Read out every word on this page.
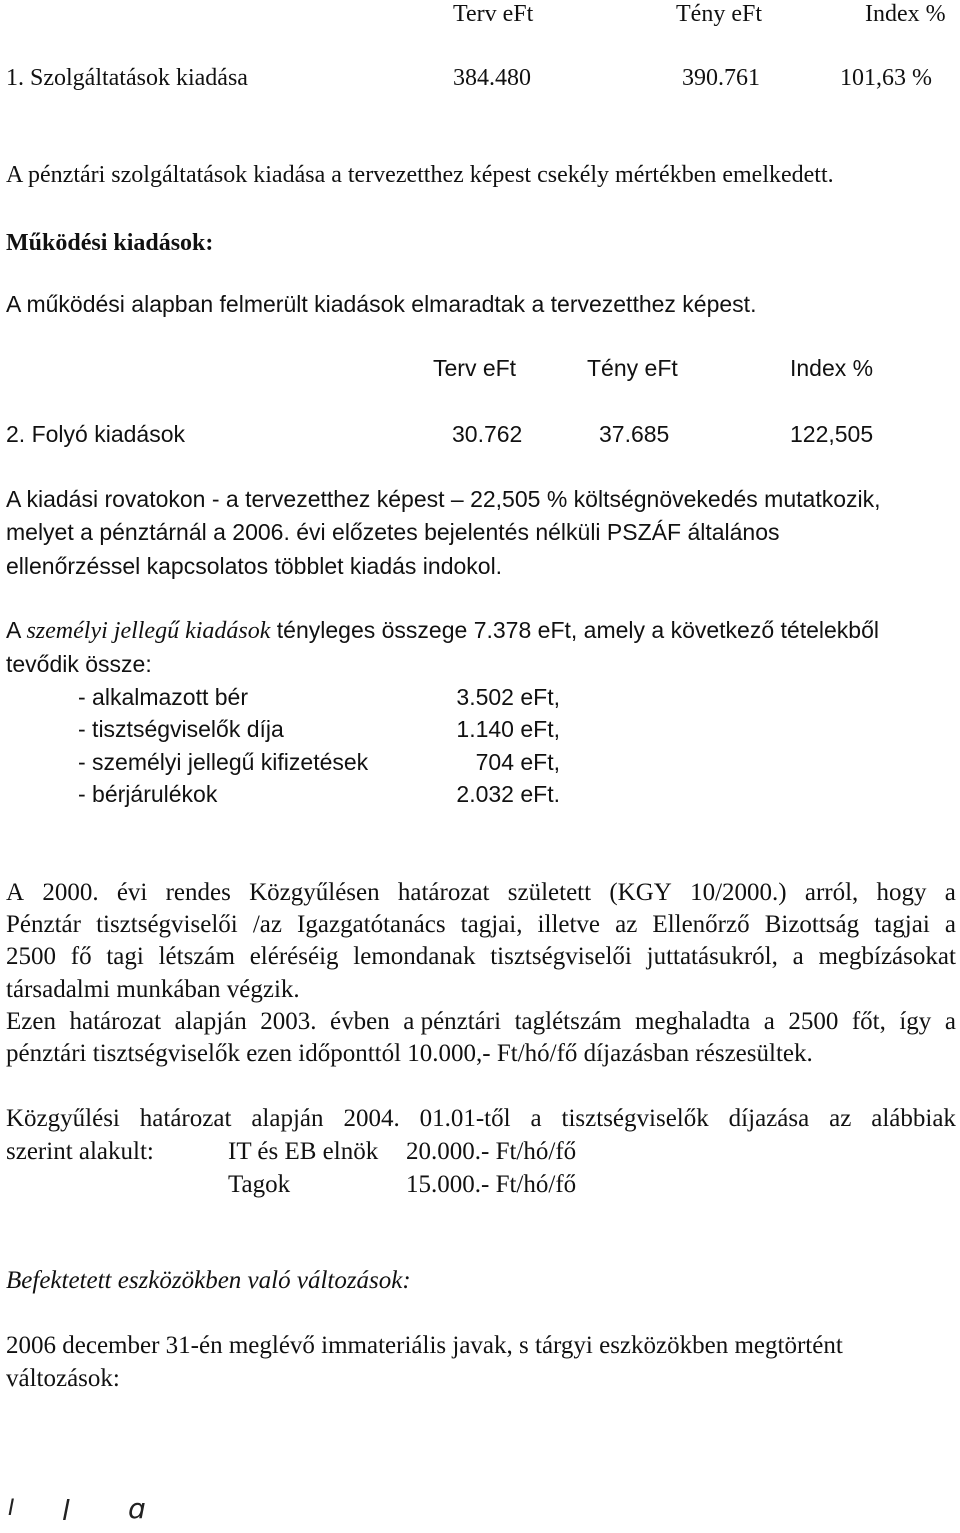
Terv eFt	Tény eFt	Index %
1. Szolgáltatások kiadása	384.480	390.761	101,63 %
A pénztári szolgáltatások kiadása a tervezetthez képest csekély mértékben emelkedett.
Működési kiadások:
A működési alapban felmerült kiadások elmaradtak a tervezetthez képest.
Terv eFt	Tény eFt	Index %
2. Folyó kiadások	30.762	37.685	122,505
A kiadási rovatokon - a tervezetthez képest – 22,505 % költségnövekedés mutatkozik,
melyet a pénztárnál a 2006. évi előzetes bejelentés nélküli PSZÁF általános
ellenőrzéssel kapcsolatos többlet kiadás indokol.
A személyi jellegű kiadások tényleges összege 7.378 eFt, amely a következő tételekből
tevődik össze:
- alkalmazott bér	3.502 eFt,
- tisztségviselők díja	1.140 eFt,
- személyi jellegű kifizetések	704 eFt,
- bérjárulékok	2.032 eFt.
A 2000. évi rendes Közgyűlésen határozat született (KGY 10/2000.) arról, hogy a
Pénztár tisztségviselői /az Igazgatótanács tagjai, illetve az Ellenőrző Bizottság tagjai a
2500 fő tagi létszám eléréséig lemondanak tisztségviselői juttatásukról, a megbízásokat
társadalmi munkában végzik.
Ezen határozat alapján 2003. évben a pénztári taglétszám meghaladta a 2500 főt, így a
pénztári tisztségviselők ezen időponttól 10.000,- Ft/hó/fő díjazásban részesültek.
Közgyűlési határozat alapján 2004. 01.01-től a tisztségviselők díjazása az alábbiak
szerint alakult:	IT és EB elnök 20.000.- Ft/hó/fő
Tagok	15.000.- Ft/hó/fő
Befektetett eszközökben való változások:
2006 december 31-én meglévő immateriális javak, s tárgyi eszközökben megtörtént
változások:
I l ɑ
